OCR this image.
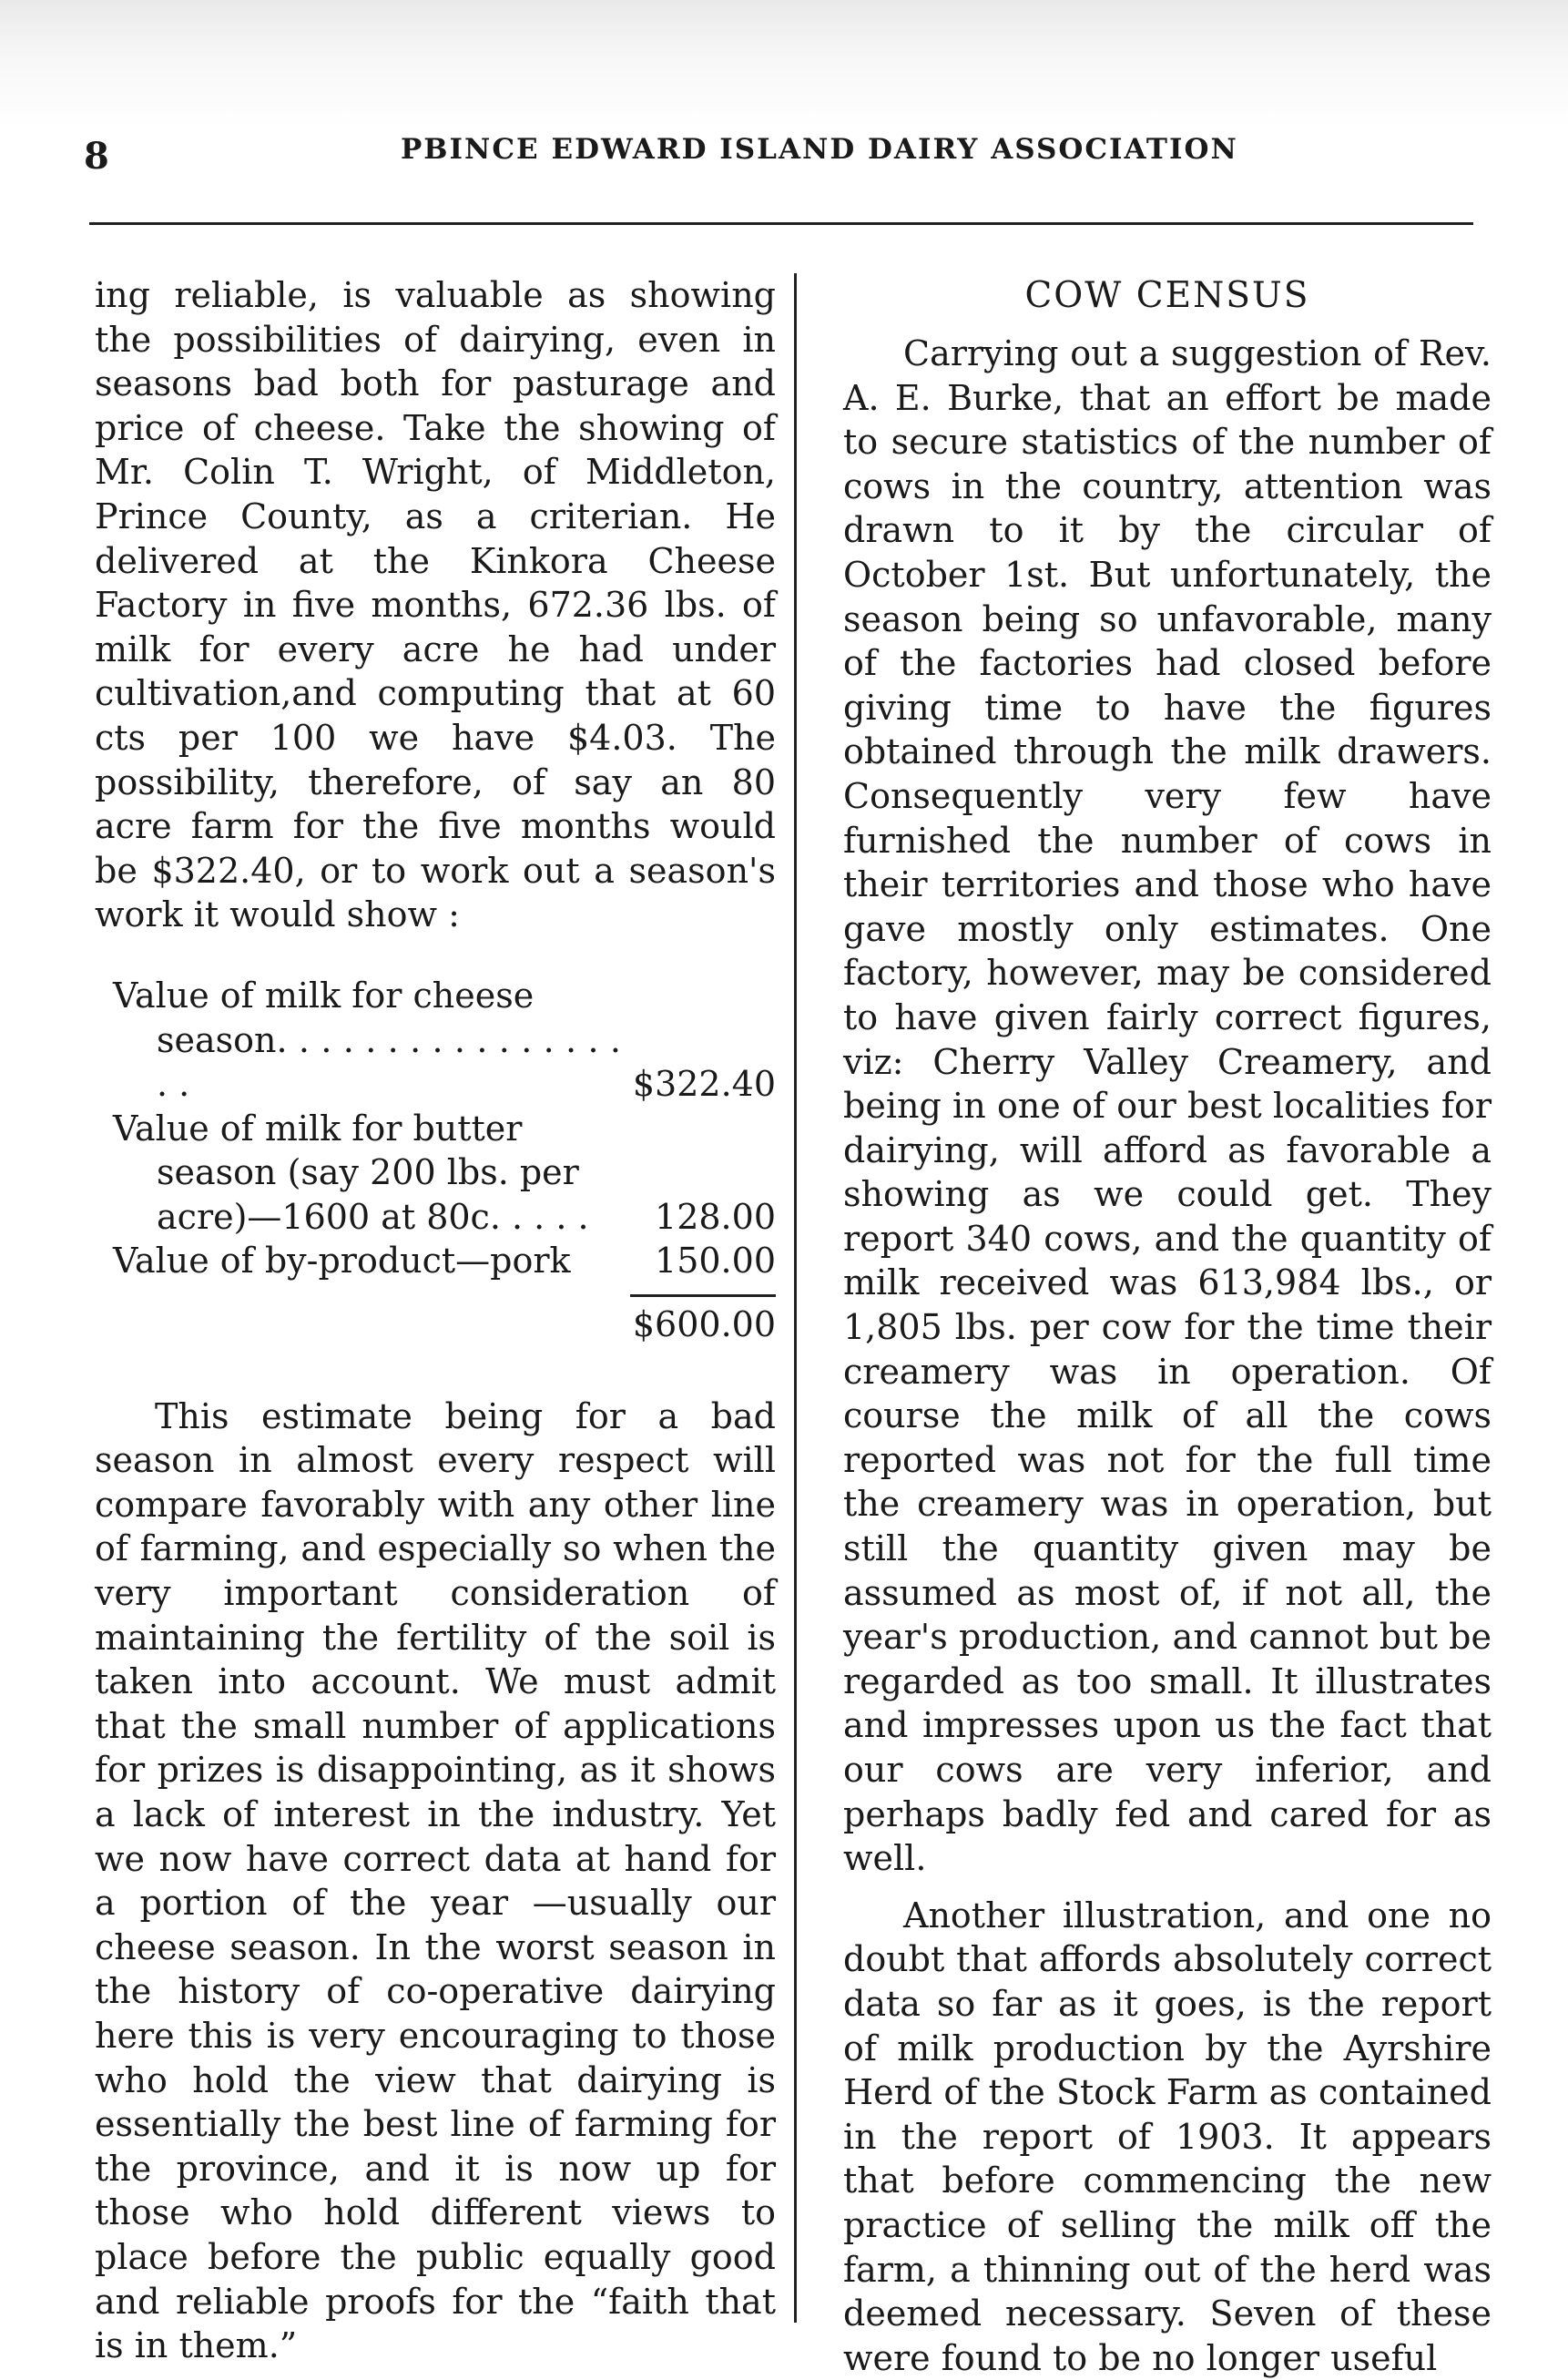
8	PBINCE EDWARD ISLAND DAIRY ASSOCIATION

ing reliable, is valuable as showing the possibilities of dairying, even in seasons bad both for pasturage and price of cheese. Take the showing of Mr. Colin T. Wright, of Middleton, Prince County, as a criterian. He delivered at the Kinkora Cheese Factory in five months, 672.36 lbs. of milk for every acre he had under cultivation,and computing that at 60 cts per 100 we have $4.03. The possibility, therefore, of say an 80 acre farm for the five months would be $322.40, or to work out a season's work it would show :

Value of milk for cheese
season. . . . . . . . . . . . . . . . . .	$322.40
Value of milk for butter
season (say 200 lbs. per
acre)—1600 at 80c. . . . .	128.00
Value of by-product—pork	150.00
$600.00

This estimate being for a bad season in almost every respect will compare favorably with any other line of farming, and especially so when the very important consideration of maintaining the fertility of the soil is taken into account. We must admit that the small number of applications for prizes is disappointing, as it shows a lack of interest in the industry. Yet we now have correct data at hand for a portion of the year —usually our cheese season. In the worst season in the history of co-operative dairying here this is very encouraging to those who hold the view that dairying is essentially the best line of farming for the province, and it is now up for those who hold different views to place before the public equally good and reliable proofs for the “faith that is in them.”

COW CENSUS

Carrying out a suggestion of Rev. A. E. Burke, that an effort be made to secure statistics of the number of cows in the country, attention was drawn to it by the circular of October 1st. But unfortunately, the season being so unfavorable, many of the factories had closed before giving time to have the figures obtained through the milk drawers. Consequently very few have furnished the number of cows in their territories and those who have gave mostly only estimates. One factory, however, may be considered to have given fairly correct figures, viz: Cherry Valley Creamery, and being in one of our best localities for dairying, will afford as favorable a showing as we could get. They report 340 cows, and the quantity of milk received was 613,984 lbs., or 1,805 lbs. per cow for the time their creamery was in operation. Of course the milk of all the cows reported was not for the full time the creamery was in operation, but still the quantity given may be assumed as most of, if not all, the year's production, and cannot but be regarded as too small. It illustrates and impresses upon us the fact that our cows are very inferior, and perhaps badly fed and cared for as well.

Another illustration, and one no doubt that affords absolutely correct data so far as it goes, is the report of milk production by the Ayrshire Herd of the Stock Farm as contained in the report of 1903. It appears that before commencing the new practice of selling the milk off the farm, a thinning out of the herd was deemed necessary. Seven of these were found to be no longer useful
